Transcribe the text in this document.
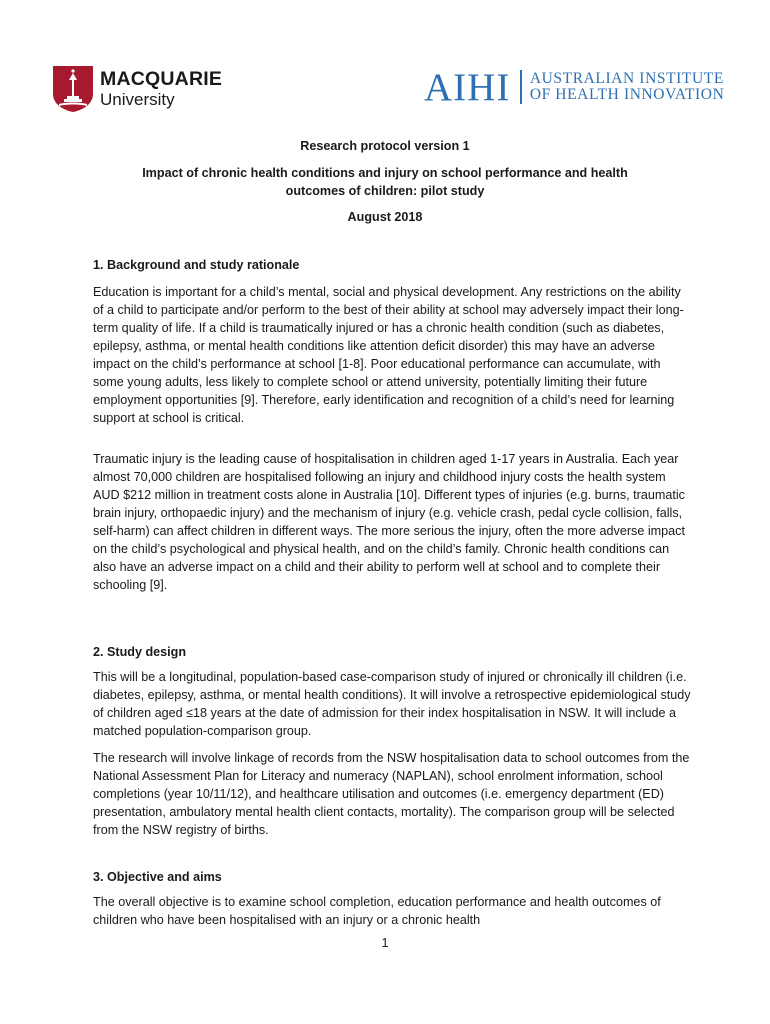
MACQUARIE
University	AIHI AUSTRALIAN INSTITUTE
OF HEALTH INNOVATION
Research protocol version 1
Impact of chronic health conditions and injury on school performance and health
outcomes of children: pilot study
August 2018
1. Background and study rationale
Education is important for a child’s mental, social and physical development. Any restrictions on the ability of a child to participate and/or perform to the best of their ability at school may adversely impact their long-term quality of life. If a child is traumatically injured or has a chronic health condition (such as diabetes, epilepsy, asthma, or mental health conditions like attention deficit disorder) this may have an adverse impact on the child’s performance at school [1-8]. Poor educational performance can accumulate, with some young adults, less likely to complete school or attend university, potentially limiting their future employment opportunities [9]. Therefore, early identification and recognition of a child’s need for learning support at school is critical.
Traumatic injury is the leading cause of hospitalisation in children aged 1-17 years in Australia. Each year almost 70,000 children are hospitalised following an injury and childhood injury costs the health system AUD $212 million in treatment costs alone in Australia [10]. Different types of injuries (e.g. burns, traumatic brain injury, orthopaedic injury) and the mechanism of injury (e.g. vehicle crash, pedal cycle collision, falls, self-harm) can affect children in different ways. The more serious the injury, often the more adverse impact on the child’s psychological and physical health, and on the child’s family. Chronic health conditions can also have an adverse impact on a child and their ability to perform well at school and to complete their schooling [9].
2. Study design
This will be a longitudinal, population-based case-comparison study of injured or chronically ill children (i.e. diabetes, epilepsy, asthma, or mental health conditions). It will involve a retrospective epidemiological study of children aged ≤18 years at the date of admission for their index hospitalisation in NSW. It will include a matched population-comparison group.
The research will involve linkage of records from the NSW hospitalisation data to school outcomes from the National Assessment Plan for Literacy and numeracy (NAPLAN), school enrolment information, school completions (year 10/11/12), and healthcare utilisation and outcomes (i.e. emergency department (ED) presentation, ambulatory mental health client contacts, mortality). The comparison group will be selected from the NSW registry of births.
3. Objective and aims
The overall objective is to examine school completion, education performance and health outcomes of children who have been hospitalised with an injury or a chronic health
1
